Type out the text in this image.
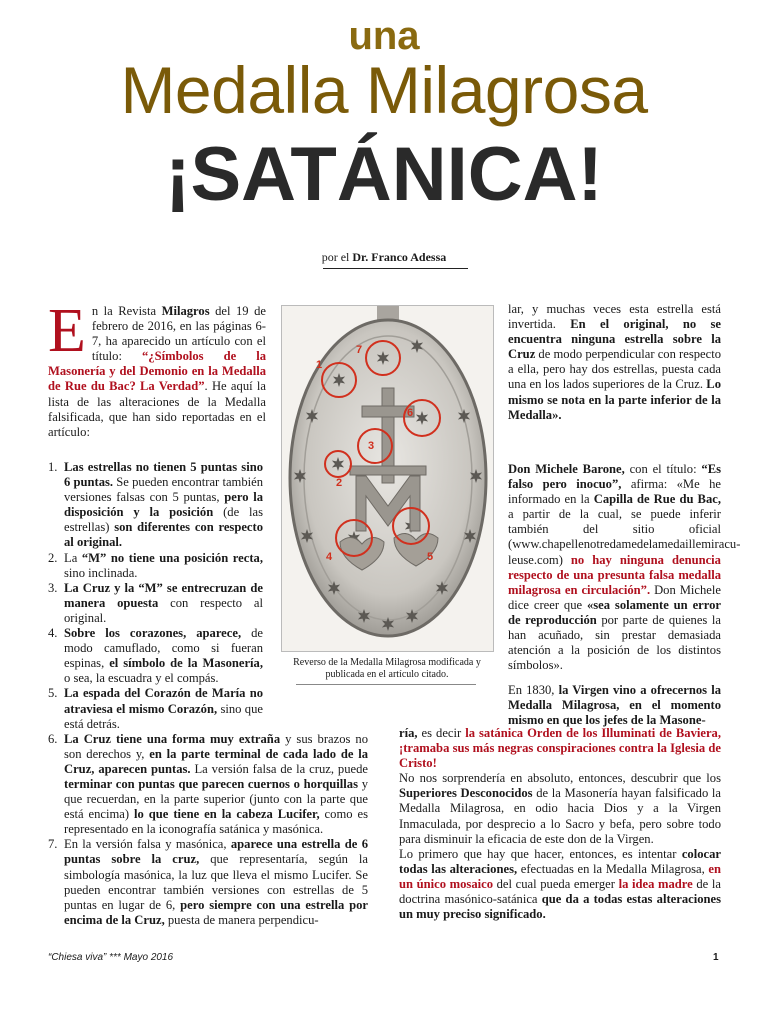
una
Medalla Milagrosa
¡SATÁNICA!
por el Dr. Franco Adessa

En la Revista Milagros del 19 de febrero de 2016, en las páginas 6-7, ha aparecido un artículo con el título: “¿Símbolos de la Masonería y del Demonio en la Medalla de Rue du Bac? La Verdad”. He aquí la lista de las alteraciones de la Medalla falsificada, que han sido reportadas en el artículo:

1. Las estrellas no tienen 5 puntas sino 6 puntas. Se pueden encontrar también versiones falsas con 5 puntas, pero la disposición y la posición (de las estrellas) son diferentes con respecto al original.
2. La “M” no tiene una posición recta, sino inclinada.
3. La Cruz y la “M” se entrecruzan de manera opuesta con respecto al original.
4. Sobre los corazones, aparece, de modo camuflado, como si fueran espinas, el símbolo de la Masonería, o sea, la escuadra y el compás.
5. La espada del Corazón de María no atraviesa el mismo Corazón, sino que está detrás.
6. La Cruz tiene una forma muy extraña y sus brazos no son derechos y, en la parte terminal de cada lado de la Cruz, aparecen puntas. La versión falsa de la cruz, puede terminar con puntas que parecen cuernos o horquillas y que recuerdan, en la parte superior (junto con la parte que está encima) lo que tiene en la cabeza Lucifer, como es representado en la iconografía satánica y masónica.
7. En la versión falsa y masónica, aparece una estrella de 6 puntas sobre la cruz, que representaría, según la simbología masónica, la luz que lleva el mismo Lucifer. Se pueden encontrar también versiones con estrellas de 5 puntas en lugar de 6, pero siempre con una estrella por encima de la Cruz, puesta de manera perpendicu-
1
7
6
3
2
4	5
Reverso de la Medalla Milagrosa modificada y publicada en el artículo citado.

lar, y muchas veces esta estrella está invertida. En el original, no se encuentra ninguna estrella sobre la Cruz de modo perpendicular con respecto a ella, pero hay dos estrellas, puesta cada una en los lados superiores de la Cruz. Lo mismo se nota en la parte inferior de la Medalla».

Don Michele Barone, con el título: “Es falso pero inocuo”, afirma: «Me he informado en la Capilla de Rue du Bac, a partir de la cual, se puede inferir también del sitio oficial (www.chapellenotredamedelamedaillemiracu-leuse.com) no hay ninguna denuncia respecto de una presunta falsa medalla milagrosa en circulación”. Don Michele dice creer que «sea solamente un error de reproducción por parte de quienes la han acuñado, sin prestar demasiada atención a la posición de los distintos símbolos».

En 1830, la Virgen vino a ofrecernos la Medalla Milagrosa, en el momento mismo en que los jefes de la Masone-

ría, es decir la satánica Orden de los Illuminati de Baviera, ¡tramaba sus más negras conspiraciones contra la Iglesia de Cristo!

No nos sorprendería en absoluto, entonces, descubrir que los Superiores Desconocidos de la Masonería hayan falsificado la Medalla Milagrosa, en odio hacia Dios y a la Virgen Inmaculada, por desprecio a lo Sacro y befa, pero sobre todo para disminuir la eficacia de este don de la Virgen.

Lo primero que hay que hacer, entonces, es intentar colocar todas las alteraciones, efectuadas en la Medalla Milagrosa, en un único mosaico del cual pueda emerger la idea madre de la doctrina masónico-satánica que da a todas estas alteraciones un muy preciso significado.

“Chiesa viva” *** Mayo 2016	1
